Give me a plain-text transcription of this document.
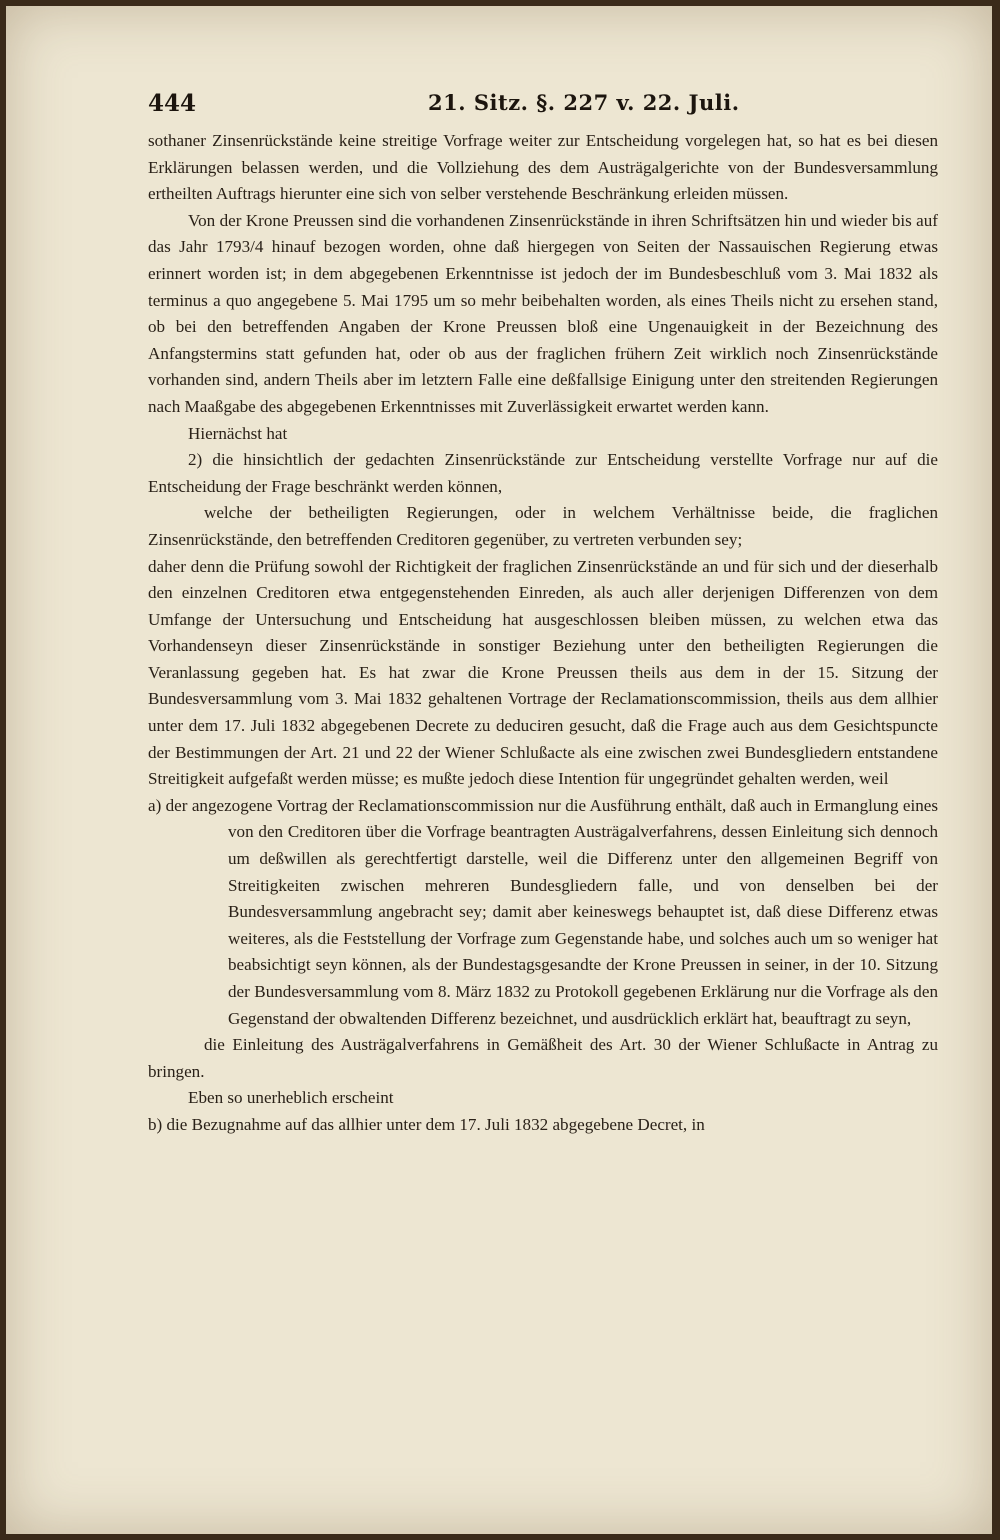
444	21. Sitz. §. 227 v. 22. Juli.

sothaner Zinsenrückstände keine streitige Vorfrage weiter zur Entscheidung vorgelegen hat, so hat es bei diesen Erklärungen belassen werden, und die Vollziehung des dem Austrägalgerichte von der Bundesversammlung ertheilten Auftrags hierunter eine sich von selber verstehende Beschränkung erleiden müssen.

Von der Krone Preussen sind die vorhandenen Zinsenrückstände in ihren Schriftsätzen hin und wieder bis auf das Jahr 1793/4 hinauf bezogen worden, ohne daß hiergegen von Seiten der Nassauischen Regierung etwas erinnert worden ist; in dem abgegebenen Erkenntnisse ist jedoch der im Bundesbeschluß vom 3. Mai 1832 als terminus a quo angegebene 5. Mai 1795 um so mehr beibehalten worden, als eines Theils nicht zu ersehen stand, ob bei den betreffenden Angaben der Krone Preussen bloß eine Ungenauigkeit in der Bezeichnung des Anfangstermins statt gefunden hat, oder ob aus der fraglichen frühern Zeit wirklich noch Zinsenrückstände vorhanden sind, andern Theils aber im letztern Falle eine deßfallsige Einigung unter den streitenden Regierungen nach Maaßgabe des abgegebenen Erkenntnisses mit Zuverlässigkeit erwartet werden kann.

Hiernächst hat

2) die hinsichtlich der gedachten Zinsenrückstände zur Entscheidung verstellte Vorfrage nur auf die Entscheidung der Frage beschränkt werden können,

welche der betheiligten Regierungen, oder in welchem Verhältnisse beide, die fraglichen Zinsenrückstände, den betreffenden Creditoren gegenüber, zu vertreten verbunden sey;

daher denn die Prüfung sowohl der Richtigkeit der fraglichen Zinsenrückstände an und für sich und der dieserhalb den einzelnen Creditoren etwa entgegenstehenden Einreden, als auch aller derjenigen Differenzen von dem Umfange der Untersuchung und Entscheidung hat ausgeschlossen bleiben müssen, zu welchen etwa das Vorhandenseyn dieser Zinsenrückstände in sonstiger Beziehung unter den betheiligten Regierungen die Veranlassung gegeben hat. Es hat zwar die Krone Preussen theils aus dem in der 15. Sitzung der Bundesversammlung vom 3. Mai 1832 gehaltenen Vortrage der Reclamationscommission, theils aus dem allhier unter dem 17. Juli 1832 abgegebenen Decrete zu deduciren gesucht, daß die Frage auch aus dem Gesichtspuncte der Bestimmungen der Art. 21 und 22 der Wiener Schlußacte als eine zwischen zwei Bundesgliedern entstandene Streitigkeit aufgefaßt werden müsse; es mußte jedoch diese Intention für ungegründet gehalten werden, weil

a) der angezogene Vortrag der Reclamationscommission nur die Ausführung enthält, daß auch in Ermanglung eines von den Creditoren über die Vorfrage beantragten Austrägalverfahrens, dessen Einleitung sich dennoch um deßwillen als gerechtfertigt darstelle, weil die Differenz unter den allgemeinen Begriff von Streitigkeiten zwischen mehreren Bundesgliedern falle, und von denselben bei der Bundesversammlung angebracht sey; damit aber keineswegs behauptet ist, daß diese Differenz etwas weiteres, als die Feststellung der Vorfrage zum Gegenstande habe, und solches auch um so weniger hat beabsichtigt seyn können, als der Bundestagsgesandte der Krone Preussen in seiner, in der 10. Sitzung der Bundesversammlung vom 8. März 1832 zu Protokoll gegebenen Erklärung nur die Vorfrage als den Gegenstand der obwaltenden Differenz bezeichnet, und ausdrücklich erklärt hat, beauftragt zu seyn,

die Einleitung des Austrägalverfahrens in Gemäßheit des Art. 30 der Wiener Schlußacte in Antrag zu bringen.

Eben so unerheblich erscheint

b) die Bezugnahme auf das allhier unter dem 17. Juli 1832 abgegebene Decret, in
